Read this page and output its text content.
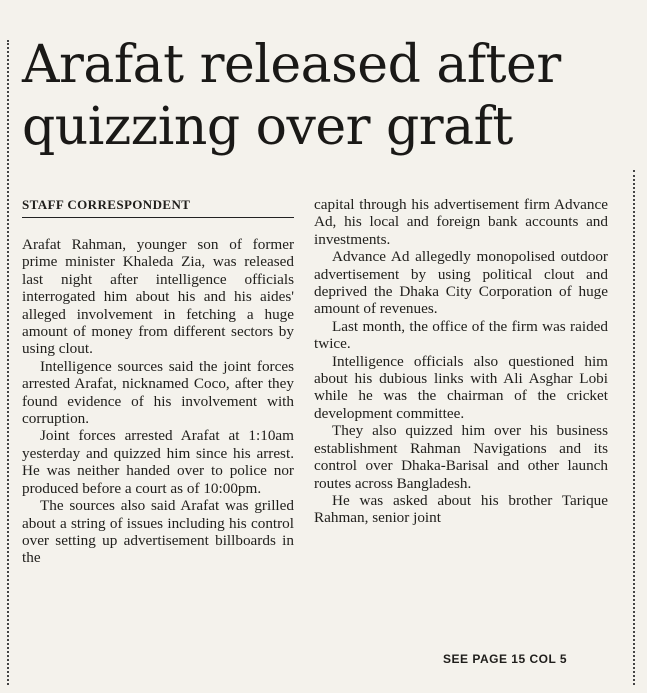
Arafat released after
quizzing over graft
STAFF CORRESPONDENT

Arafat Rahman, younger son of former prime minister Khaleda Zia, was released last night after intelligence officials interrogated him about his and his aides' alleged involvement in fetching a huge amount of money from different sectors by using clout.

Intelligence sources said the joint forces arrested Arafat, nicknamed Coco, after they found evidence of his involvement with corruption.

Joint forces arrested Arafat at 1:10am yesterday and quizzed him since his arrest. He was neither handed over to police nor produced before a court as of 10:00pm.

The sources also said Arafat was grilled about a string of issues including his control over setting up advertisement billboards in the

capital through his advertisement firm Advance Ad, his local and foreign bank accounts and investments.

Advance Ad allegedly monopolised outdoor advertisement by using political clout and deprived the Dhaka City Corporation of huge amount of revenues.

Last month, the office of the firm was raided twice.

Intelligence officials also questioned him about his dubious links with Ali Asghar Lobi while he was the chairman of the cricket development committee.

They also quizzed him over his business establishment Rahman Navigations and its control over Dhaka-Barisal and other launch routes across Bangladesh.

He was asked about his brother Tarique Rahman, senior joint

SEE PAGE 15 COL 5
